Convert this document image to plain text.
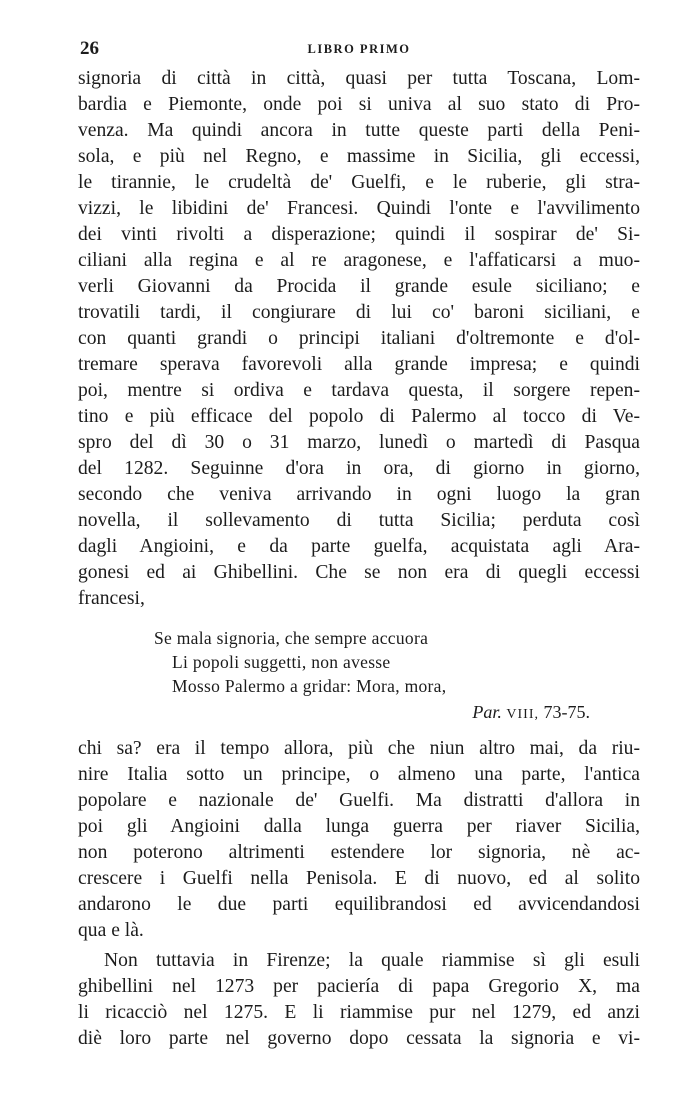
26	LIBRO PRIMO
signoria di città in città, quasi per tutta Toscana, Lom-
bardia e Piemonte, onde poi si univa al suo stato di Pro-
venza. Ma quindi ancora in tutte queste parti della Peni-
sola, e più nel Regno, e massime in Sicilia, gli eccessi,
le tirannie, le crudeltà de' Guelfi, e le ruberie, gli stra-
vizzi, le libidini de' Francesi. Quindi l'onte e l'avvilimento
dei vinti rivolti a disperazione; quindi il sospirar de' Si-
ciliani alla regina e al re aragonese, e l'affaticarsi a muo-
verli Giovanni da Procida il grande esule siciliano; e
trovatili tardi, il congiurare di lui co' baroni siciliani, e
con quanti grandi o principi italiani d'oltremonte e d'ol-
tremare sperava favorevoli alla grande impresa; e quindi
poi, mentre si ordiva e tardava questa, il sorgere repen-
tino e più efficace del popolo di Palermo al tocco di Ve-
spro del dì 30 o 31 marzo, lunedì o martedì di Pasqua
del 1282. Seguinne d'ora in ora, di giorno in giorno,
secondo che veniva arrivando in ogni luogo la gran
novella, il sollevamento di tutta Sicilia; perduta così
dagli Angioini, e da parte guelfa, acquistata agli Ara-
gonesi ed ai Ghibellini. Che se non era di quegli eccessi
francesi,
Se mala signoria, che sempre accuora
Li popoli suggetti, non avesse
Mosso Palermo a gridar: Mora, mora,
Par. VIII, 73-75.
chi sa? era il tempo allora, più che niun altro mai, da riu-
nire Italia sotto un principe, o almeno una parte, l'antica
popolare e nazionale de' Guelfi. Ma distratti d'allora in
poi gli Angioini dalla lunga guerra per riaver Sicilia,
non poterono altrimenti estendere lor signoria, nè ac-
crescere i Guelfi nella Penisola. E di nuovo, ed al solito
andarono le due parti equilibrandosi ed avvicendandosi
qua e là.
Non tuttavia in Firenze; la quale riammise sì gli esuli
ghibellini nel 1273 per paciería di papa Gregorio X, ma
li ricacciò nel 1275. E li riammise pur nel 1279, ed anzi
diè loro parte nel governo dopo cessata la signoria e vi-
